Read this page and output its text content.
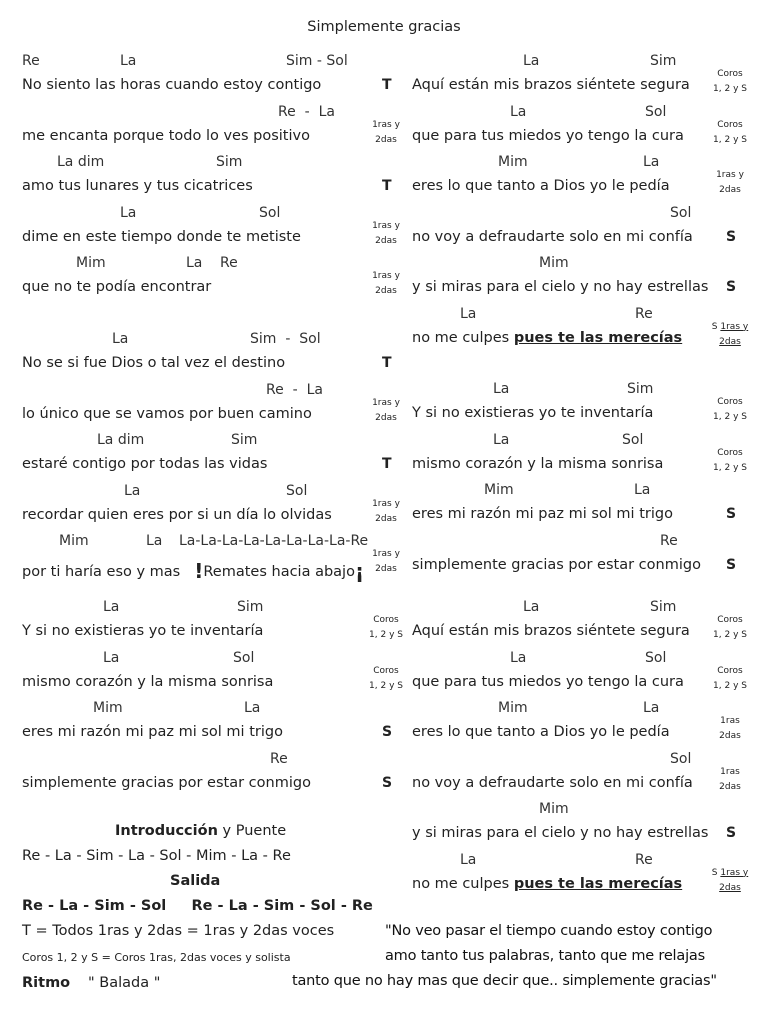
Simplemente gracias
Introducción y Puente
Re - La - Sim - La - Sol - Mim - La - Re
Salida
Re - La - Sim - Sol     Re - La - Sim - Sol - Re
T = Todos 1ras y 2das = 1ras y 2das voces
Coros 1, 2 y S = Coros 1ras, 2das voces y solista
Ritmo " Balada "
"No veo pasar el tiempo cuando estoy contigo
amo tanto tus palabras, tanto que me relajas
tanto que no hay mas que decir que.. simplemente gracias"
Re	La	Sim - Sol
No siento las horas cuando estoy contigo	T
Re  -  La
me encanta porque todo lo ves positivo
1ras y
2das
La dim	Sim
amo tus lunares y tus cicatrices	T
La	Sol
dime en este tiempo donde te metiste
1ras y
2das
Mim	La Re
que no te podía encontrar
1ras y
2das
La	Sim  -  Sol
No se si fue Dios o tal vez el destino	T
Re  -  La
lo único que se vamos por buen camino
1ras y
2das
La dim	Sim
estaré contigo por todas las vidas	T
La	Sol
recordar quien eres por si un día lo olvidas
1ras y
2das
Mim	La La-La-La-La-La-La-La-La-Re
por ti haría eso y mas !Remates hacia abajo¡
1ras y
2das
La	Sim
Y si no existieras yo te inventaría
Coros
1, 2 y S
La	Sol
mismo corazón y la misma sonrisa
Coros
1, 2 y S
Mim	La
eres mi razón mi paz mi sol mi trigo	S
Re
simplemente gracias por estar conmigo	S
La	Sim
Aquí están mis brazos siéntete segura
Coros
1, 2 y S
La	Sol
que para tus miedos yo tengo la cura
Coros
1, 2 y S
Mim	La
eres lo que tanto a Dios yo le pedía
1ras y
2das
Sol
no voy a defraudarte solo en mi confía S
Mim
y si miras para el cielo y no hay estrellas S
La	Re
no me culpes pues te las merecías
S 1ras y
2das
La	Sim
Y si no existieras yo te inventaría
Coros
1, 2 y S
La	Sol
mismo corazón y la misma sonrisa
Coros
1, 2 y S
Mim	La
eres mi razón mi paz mi sol mi trigo	S
Re
simplemente gracias por estar conmigo S
La	Sim
Aquí están mis brazos siéntete segura
Coros
1, 2 y S
La	Sol
que para tus miedos yo tengo la cura
Coros
1, 2 y S
Mim	La
eres lo que tanto a Dios yo le pedía
1ras
2das
Sol
no voy a defraudarte solo en mi confía
1ras
2das
Mim
y si miras para el cielo y no hay estrellas S
La	Re
no me culpes pues te las merecías
S 1ras y
2das
